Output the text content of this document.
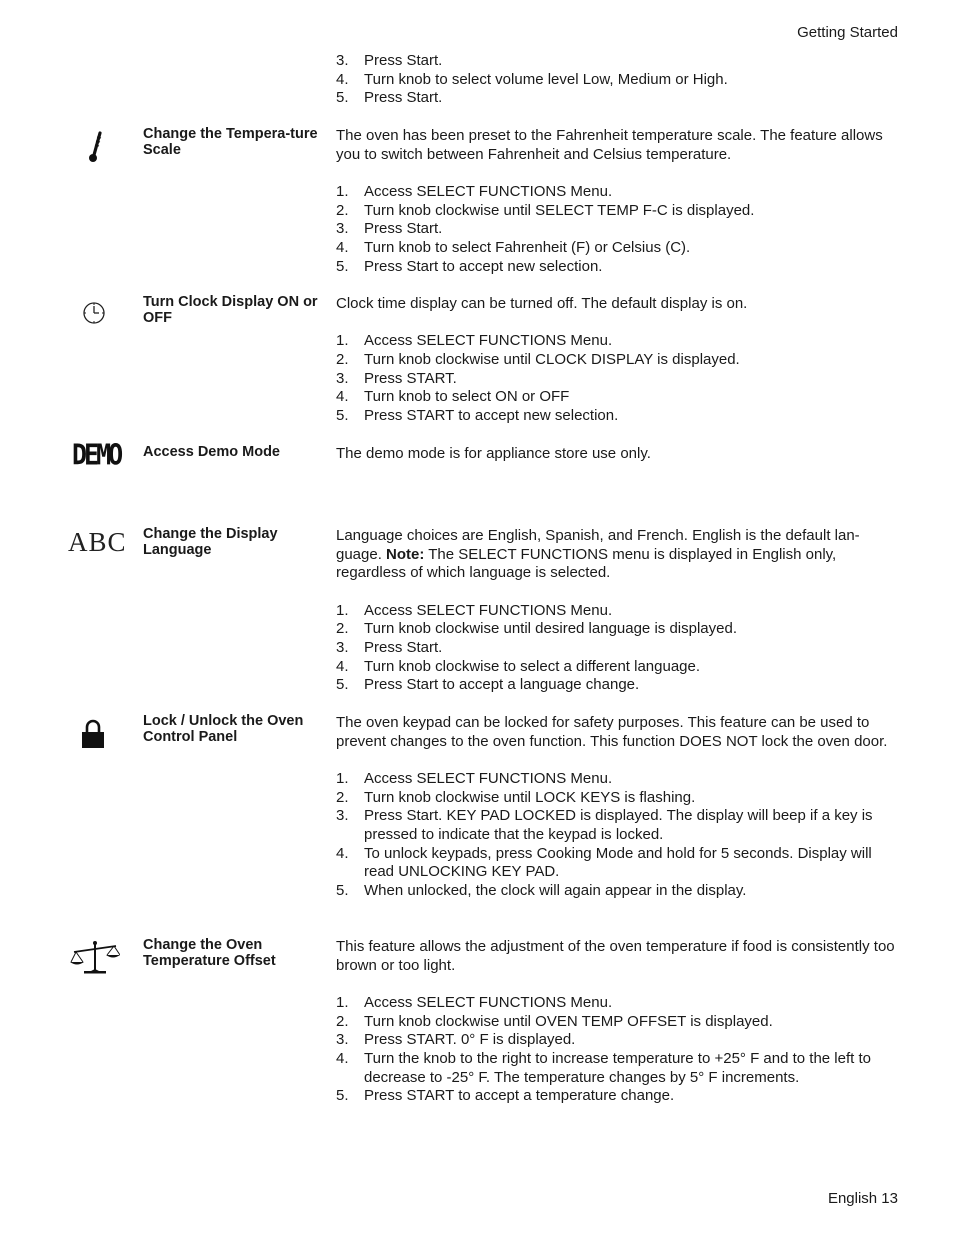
Getting Started
3. Press Start.
4. Turn knob to select volume level Low, Medium or High.
5. Press Start.
Change the Tempera-ture Scale

The oven has been preset to the Fahrenheit temperature scale. The feature allows you to switch between Fahrenheit and Celsius temperature.

1. Access SELECT FUNCTIONS Menu.
2. Turn knob clockwise until SELECT TEMP F-C is displayed.
3. Press Start.
4. Turn knob to select Fahrenheit (F) or Celsius (C).
5. Press Start to accept new selection.
Turn Clock Display ON or OFF

Clock time display can be turned off. The default display is on.

1. Access SELECT FUNCTIONS Menu.
2. Turn knob clockwise until CLOCK DISPLAY is displayed.
3. Press START.
4. Turn knob to select ON or OFF
5. Press START to accept new selection.
DEMO Access Demo Mode	The demo mode is for appliance store use only.

ABC Change the Display Language

Language choices are English, Spanish, and French. English is the default lan-guage. Note: The SELECT FUNCTIONS menu is displayed in English only, regardless of which language is selected.

1. Access SELECT FUNCTIONS Menu.
2. Turn knob clockwise until desired language is displayed.
3. Press Start.
4. Turn knob clockwise to select a different language.
5. Press Start to accept a language change.
Lock / Unlock the Oven Control Panel

The oven keypad can be locked for safety purposes. This feature can be used to prevent changes to the oven function. This function DOES NOT lock the oven door.

1. Access SELECT FUNCTIONS Menu.
2. Turn knob clockwise until LOCK KEYS is flashing.
3. Press Start. KEY PAD LOCKED is displayed. The display will beep if a key is pressed to indicate that the keypad is locked.
4. To unlock keypads, press Cooking Mode and hold for 5 seconds. Display will read UNLOCKING KEY PAD.
5. When unlocked, the clock will again appear in the display.
Change the Oven Temperature Offset

This feature allows the adjustment of the oven temperature if food is consistently too brown or too light.

1. Access SELECT FUNCTIONS Menu.
2. Turn knob clockwise until OVEN TEMP OFFSET is displayed.
3. Press START. 0° F is displayed.
4. Turn the knob to the right to increase temperature to +25° F and to the left to decrease to -25° F. The temperature changes by 5° F increments.
5. Press START to accept a temperature change.
English 13
